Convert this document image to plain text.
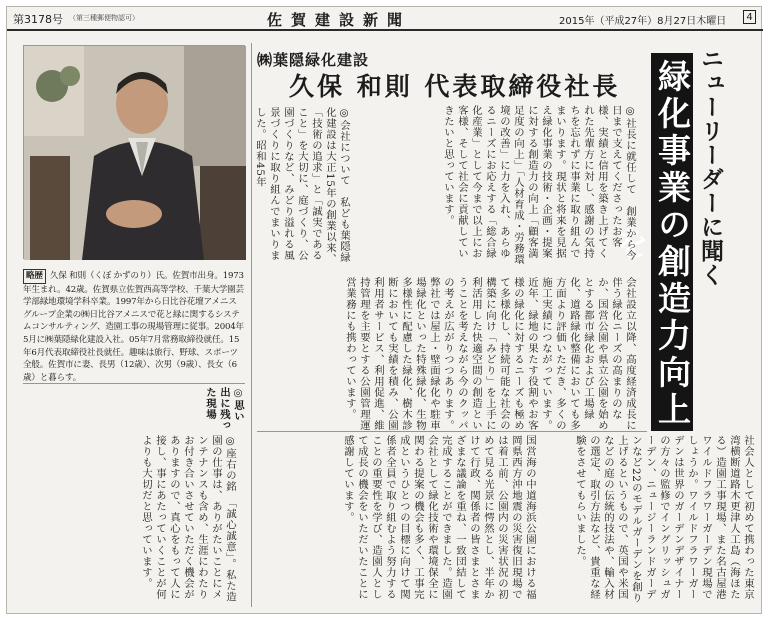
第3178号 （第三種郵便物認可）	佐賀建設新聞	2015年（平成27年）8月27日木曜日	4
略歴 久保 和則（くぼ かずのり）氏。佐賀市出身。1973年生まれ。42歳。佐賀県立佐賀西高等学校、千葉大学園芸学部緑地環境学科卒業。1997年から日比谷花壇アメニスグループ企業の㈱日比谷アメニスで花と緑に関するシステムコンサルティング、造園工事の現場管理に従事。2004年5月に㈱葉隠緑化建設入社。05年7月常務取締役就任。15年6月代表取締役社長就任。趣味は旅行、野球、スポーツ全般。佐賀市に妻、長男（12歳）、次男（9歳）、長女（6歳）と暮らす。
◎思い出に残った現場
㈱葉隠緑化建設
久保 和則 代表取締役社長	ニューリーダーに聞く
緑化事業の創造力向上を
◎社長に就任して　創業から今日まで支えてくださったお客様、実績と信用を築き上げてくれた先輩方に対し、感謝の気持ちを忘れずに事業に取り組んでまいります。現状と将来を見据え緑化事業の技術・企画・提案に対する創造力の向上「顧客満足度の向上」「人材育成・労務環境の改善」に力を入れ、あらゆるニーズにお応えする「総合緑化産業」として今まで以上にお客様、そして社会に貢献していきたいと思っています。
◎会社について　私ども葉隠緑化建設は大正15年の創業以来、「技術の追求」と「誠実であること」を大切に、庭づくり、公園づくりなど、みどり溢れる風景づくりに取り組んでまいりました。昭和45年
会社設立以降、高度経済成長に伴う緑化ニーズの高まりのなか、国営公園や県立公園を始めとする都市緑化および工場緑化、道路緑化整備においても多方面より評価いただき、多くの施工実績につながっています。近年、緑地の果たす役割やお客様の緑化に対するニーズも極めて多様化し、持続可能な社会の構築に向け「みどり」を上手に利活用した快適空間の創造ということを考えながら今のクッパの考えが広がりつつあります。弊社では屋上・壁面緑化や駐車場緑化といった特殊緑化、生物多様性に配慮した緑化、樹木診断においても実績を積み、公園利用者サービス、利用促進、維持管理を主要とする公園管理運営業務にも携わっています。
社会人として初めて携わった東京湾横断道路木更津人工島（海ほたる）造園工事現場、また名古屋港ワイルドフラワーガーデン現場でしょうか。ワイルドフラワーガーデンは世界のガーデンデザイナーの方々の監修でイングリッシュガーデン、ニュージーランドガーデンなど22のモデルガーデンを創り上げるというもので、英国や米国などの庭の伝統的技法や、輸入材の選定、取引方法など、貴重な経験をさせてもらいました。
国営海の中道海浜公園における福岡県西方沖地震の災害復旧現場では着工前、公園内の災害状況の初めて見る光景に愕然とし、半年かけて行政、関係者の皆さまとさまざまな議論を重ね、一致団結して完成することができました。造園会社として緑化技術や環境保全に関わる提案の機会も多く、工事完成というひとつの目標に向けて関係者全員で取り組むよう努力することの重要性を学び、造園人として成長の機会をいただいたことに感謝しています。
◎座右の銘　「誠心誠意」。私た造園の仕事は、ありがたいことにメンテナンスも含め、生涯にわたりお付き合いさせていただく機会がありますので、真心をもって人に接し、事にあたっていくことが何よりも大切だと思っています。
